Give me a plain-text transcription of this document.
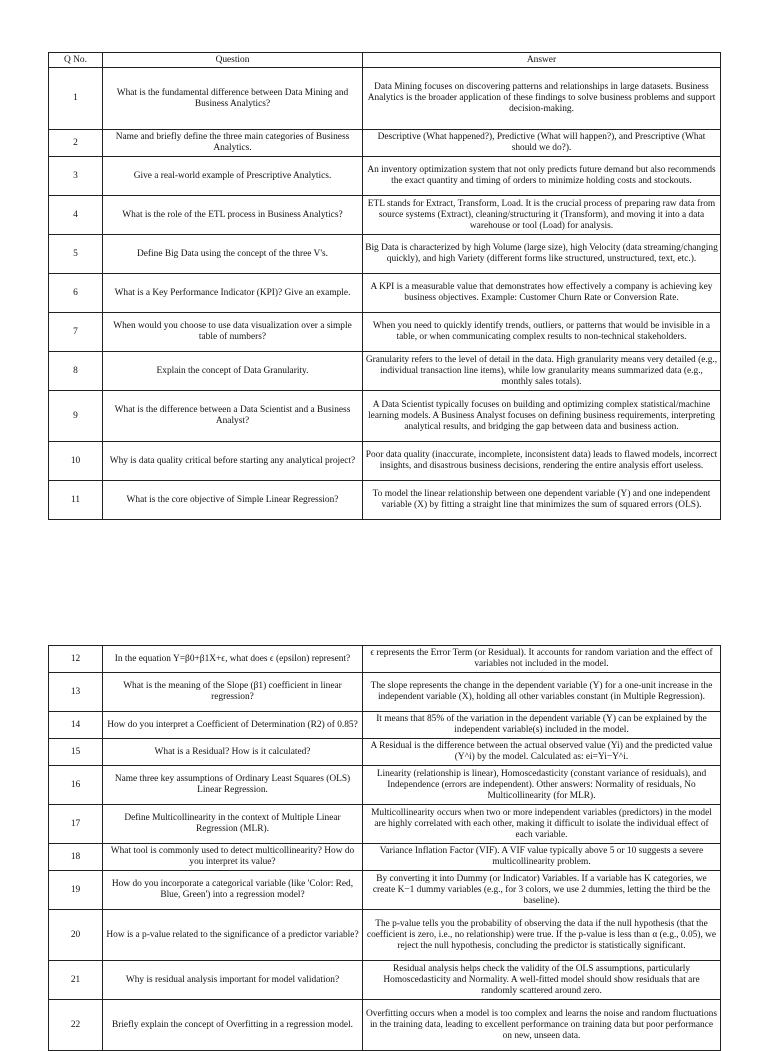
Q No.	Question	Answer
1	What is the fundamental difference between Data Mining and Business Analytics?	Data Mining focuses on discovering patterns and relationships in large datasets. Business Analytics is the broader application of these findings to solve business problems and support decision-making.
2	Name and briefly define the three main categories of Business Analytics.	Descriptive (What happened?), Predictive (What will happen?), and Prescriptive (What should we do?).
3	Give a real-world example of Prescriptive Analytics.	An inventory optimization system that not only predicts future demand but also recommends the exact quantity and timing of orders to minimize holding costs and stockouts.
4	What is the role of the ETL process in Business Analytics?	ETL stands for Extract, Transform, Load. It is the crucial process of preparing raw data from source systems (Extract), cleaning/structuring it (Transform), and moving it into a data warehouse or tool (Load) for analysis.
5	Define Big Data using the concept of the three V's.	Big Data is characterized by high Volume (large size), high Velocity (data streaming/changing quickly), and high Variety (different forms like structured, unstructured, text, etc.).
6	What is a Key Performance Indicator (KPI)? Give an example.	A KPI is a measurable value that demonstrates how effectively a company is achieving key business objectives. Example: Customer Churn Rate or Conversion Rate.
7	When would you choose to use data visualization over a simple table of numbers?	When you need to quickly identify trends, outliers, or patterns that would be invisible in a table, or when communicating complex results to non-technical stakeholders.
8	Explain the concept of Data Granularity.	Granularity refers to the level of detail in the data. High granularity means very detailed (e.g., individual transaction line items), while low granularity means summarized data (e.g., monthly sales totals).
9	What is the difference between a Data Scientist and a Business Analyst?	A Data Scientist typically focuses on building and optimizing complex statistical/machine learning models. A Business Analyst focuses on defining business requirements, interpreting analytical results, and bridging the gap between data and business action.
10	Why is data quality critical before starting any analytical project?	Poor data quality (inaccurate, incomplete, inconsistent data) leads to flawed models, incorrect insights, and disastrous business decisions, rendering the entire analysis effort useless.
11	What is the core objective of Simple Linear Regression?	To model the linear relationship between one dependent variable (Y) and one independent variable (X) by fitting a straight line that minimizes the sum of squared errors (OLS).
12	In the equation Y=β0+β1X+ϵ, what does ϵ (epsilon) represent?	ϵ represents the Error Term (or Residual). It accounts for random variation and the effect of variables not included in the model.
13	What is the meaning of the Slope (β1) coefficient in linear regression?	The slope represents the change in the dependent variable (Y) for a one-unit increase in the independent variable (X), holding all other variables constant (in Multiple Regression).
14	How do you interpret a Coefficient of Determination (R2) of 0.85?	It means that 85% of the variation in the dependent variable (Y) can be explained by the independent variable(s) included in the model.
15	What is a Residual? How is it calculated?	A Residual is the difference between the actual observed value (Yi) and the predicted value (Y^i) by the model. Calculated as: ei=Yi−Y^i.
16	Name three key assumptions of Ordinary Least Squares (OLS) Linear Regression.	Linearity (relationship is linear), Homoscedasticity (constant variance of residuals), and Independence (errors are independent). Other answers: Normality of residuals, No Multicollinearity (for MLR).
17	Define Multicollinearity in the context of Multiple Linear Regression (MLR).	Multicollinearity occurs when two or more independent variables (predictors) in the model are highly correlated with each other, making it difficult to isolate the individual effect of each variable.
18	What tool is commonly used to detect multicollinearity? How do you interpret its value?	Variance Inflation Factor (VIF). A VIF value typically above 5 or 10 suggests a severe multicollinearity problem.
19	How do you incorporate a categorical variable (like 'Color: Red, Blue, Green') into a regression model?	By converting it into Dummy (or Indicator) Variables. If a variable has K categories, we create K−1 dummy variables (e.g., for 3 colors, we use 2 dummies, letting the third be the baseline).
20	How is a p-value related to the significance of a predictor variable?	The p-value tells you the probability of observing the data if the null hypothesis (that the coefficient is zero, i.e., no relationship) were true. If the p-value is less than α (e.g., 0.05), we reject the null hypothesis, concluding the predictor is statistically significant.
21	Why is residual analysis important for model validation?	Residual analysis helps check the validity of the OLS assumptions, particularly Homoscedasticity and Normality. A well-fitted model should show residuals that are randomly scattered around zero.
22	Briefly explain the concept of Overfitting in a regression model.	Overfitting occurs when a model is too complex and learns the noise and random fluctuations in the training data, leading to excellent performance on training data but poor performance on new, unseen data.
